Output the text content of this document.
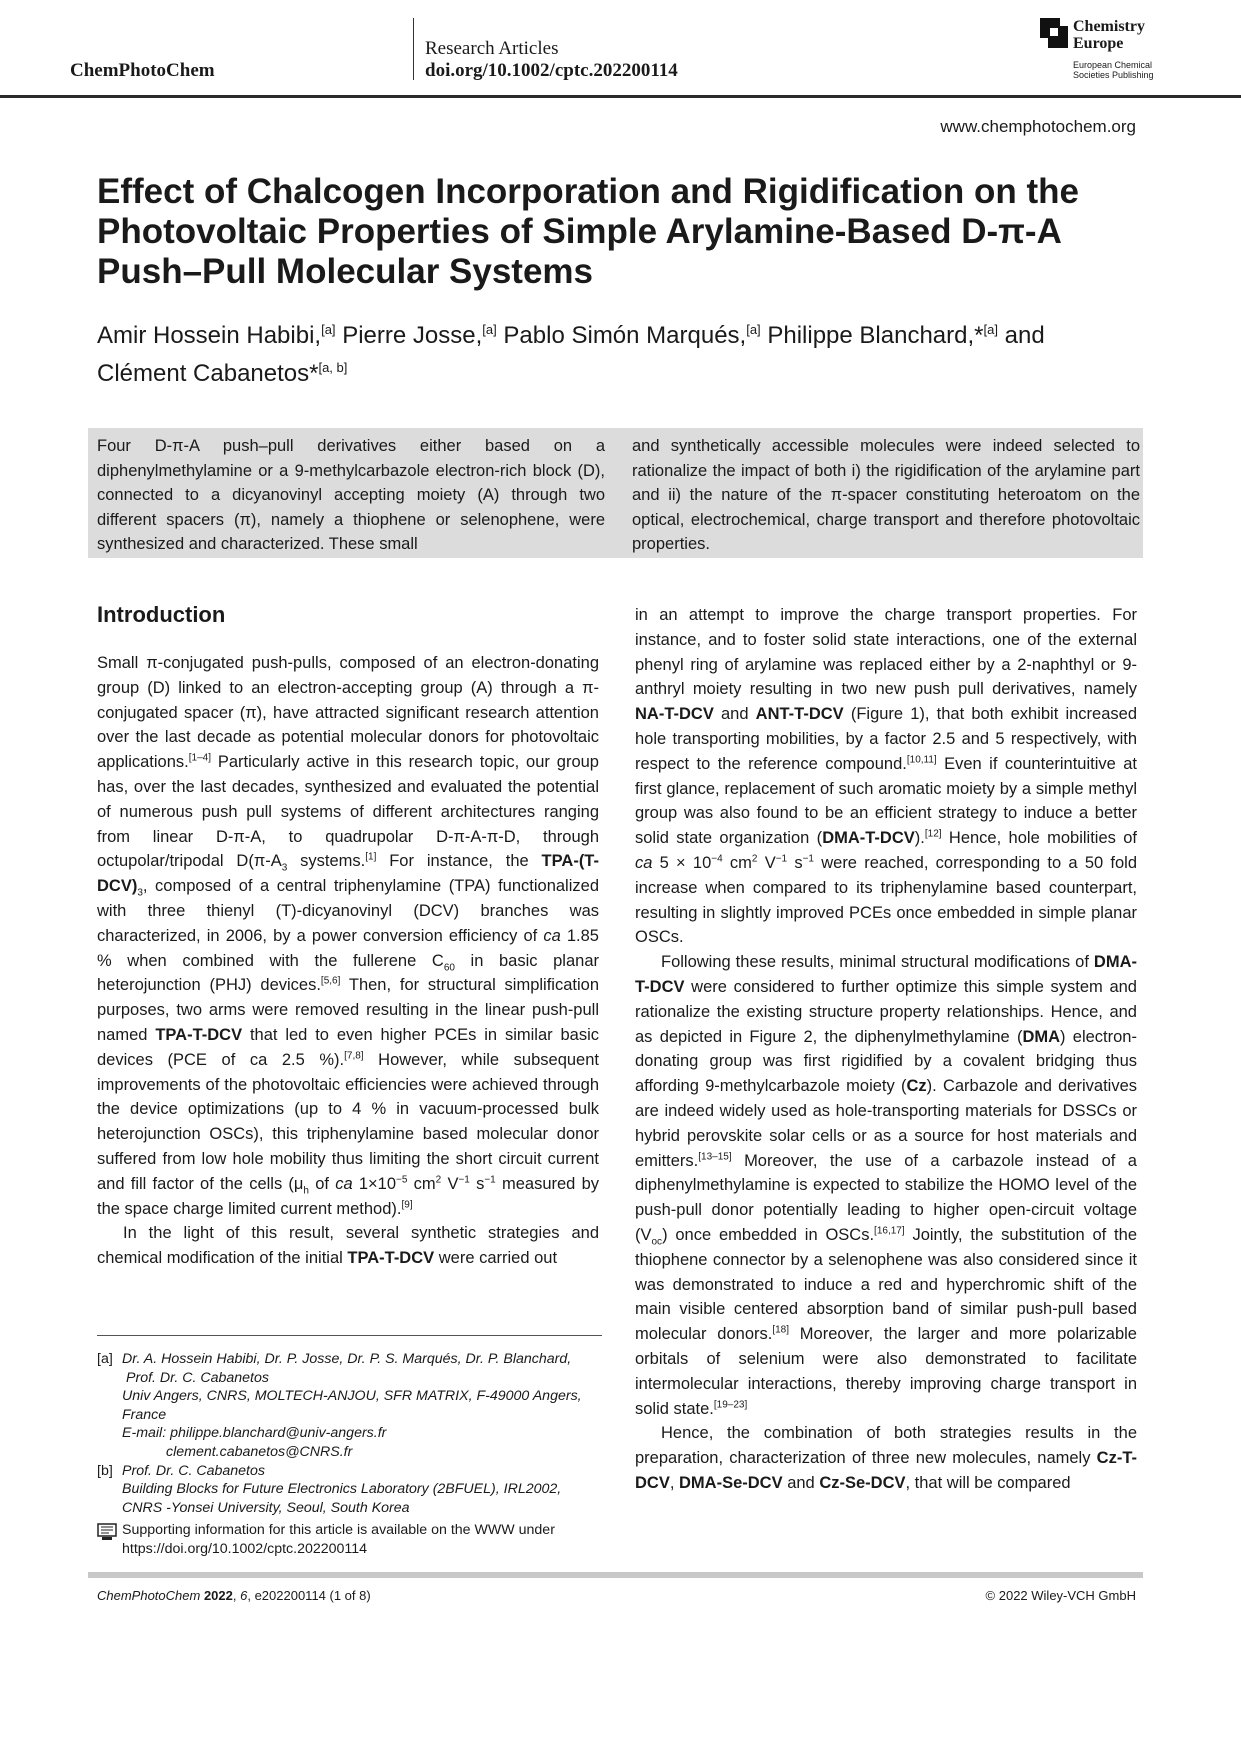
ChemPhotoChem
Research Articles
doi.org/10.1002/cptc.202200114
Chemistry
Europe
European Chemical
Societies Publishing
www.chemphotochem.org
Effect of Chalcogen Incorporation and Rigidification on the Photovoltaic Properties of Simple Arylamine-Based D-π-A Push–Pull Molecular Systems
Amir Hossein Habibi,[a] Pierre Josse,[a] Pablo Simón Marqués,[a] Philippe Blanchard,*[a] and
Clément Cabanetos*[a, b]
Four D-π-A push–pull derivatives either based on a diphenylmethylamine or a 9-methylcarbazole electron-rich block (D), connected to a dicyanovinyl accepting moiety (A) through two different spacers (π), namely a thiophene or selenophene, were synthesized and characterized. These small
and synthetically accessible molecules were indeed selected to rationalize the impact of both i) the rigidification of the arylamine part and ii) the nature of the π-spacer constituting heteroatom on the optical, electrochemical, charge transport and therefore photovoltaic properties.
Introduction

Small π-conjugated push-pulls, composed of an electron-donating group (D) linked to an electron-accepting group (A) through a π-conjugated spacer (π), have attracted significant research attention over the last decade as potential molecular donors for photovoltaic applications.[1–4] Particularly active in this research topic, our group has, over the last decades, synthesized and evaluated the potential of numerous push pull systems of different architectures ranging from linear D-π-A, to quadrupolar D-π-A-π-D, through octupolar/tripodal $D(\pi-A_3$ systems.[1] For instance, the TPA-$(T-DCV)_3$, composed of a central triphenylamine (TPA) functionalized with three thienyl (T)-dicyanovinyl (DCV) branches was characterized, in 2006, by a power conversion efficiency of ca 1.85 % when combined with the fullerene $C_{60}$ in basic planar heterojunction (PHJ) devices.[5,6] Then, for structural simplification purposes, two arms were removed resulting in the linear push-pull named TPA-T-DCV that led to even higher PCEs in similar basic devices (PCE of ca 2.5 %).[7,8] However, while subsequent improvements of the photovoltaic efficiencies were achieved through the device optimizations (up to 4 % in vacuum-processed bulk heterojunction OSCs), this triphenylamine based molecular donor suffered from low hole mobility thus limiting the short circuit current and fill factor of the cells ($\mu_h$ of ca $1\times 10^{-5}$ $cm^2$ $V^{-1}$ $s^{-1}$ measured by the space charge limited current method).[9]

In the light of this result, several synthetic strategies and chemical modification of the initial TPA-T-DCV were carried out

in an attempt to improve the charge transport properties. For instance, and to foster solid state interactions, one of the external phenyl ring of arylamine was replaced either by a 2-naphthyl or 9-anthryl moiety resulting in two new push pull derivatives, namely NA-T-DCV and ANT-T-DCV (Figure 1), that both exhibit increased hole transporting mobilities, by a factor 2.5 and 5 respectively, with respect to the reference compound.[10,11] Even if counterintuitive at first glance, replacement of such aromatic moiety by a simple methyl group was also found to be an efficient strategy to induce a better solid state organization (DMA-T-DCV).[12] Hence, hole mobilities of ca $5 \times 10^{-4}$ $cm^2$ $V^{-1}$ $s^{-1}$ were reached, corresponding to a 50 fold increase when compared to its triphenylamine based counterpart, resulting in slightly improved PCEs once embedded in simple planar OSCs.

Following these results, minimal structural modifications of DMA-T-DCV were considered to further optimize this simple system and rationalize the existing structure property relationships. Hence, and as depicted in Figure 2, the diphenylmethylamine (DMA) electron-donating group was first rigidified by a covalent bridging thus affording 9-methylcarbazole moiety (Cz). Carbazole and derivatives are indeed widely used as hole-transporting materials for DSSCs or hybrid perovskite solar cells or as a source for host materials and emitters.[13–15] Moreover, the use of a carbazole instead of a diphenylmethylamine is expected to stabilize the HOMO level of the push-pull donor potentially leading to higher open-circuit voltage $(V_{oc})$ once embedded in OSCs.[16,17] Jointly, the substitution of the thiophene connector by a selenophene was also considered since it was demonstrated to induce a red and hyperchromic shift of the main visible centered absorption band of similar push-pull based molecular donors.[18] Moreover, the larger and more polarizable orbitals of selenium were also demonstrated to facilitate intermolecular interactions, thereby improving charge transport in solid state.[19–23]

Hence, the combination of both strategies results in the preparation, characterization of three new molecules, namely Cz-T-DCV, DMA-Se-DCV and Cz-Se-DCV, that will be compared

[a] Dr. A. Hossein Habibi, Dr. P. Josse, Dr. P. S. Marqués, Dr. P. Blanchard,
Prof. Dr. C. Cabanetos
Univ Angers, CNRS, MOLTECH-ANJOU, SFR MATRIX, F-49000 Angers, France
E-mail: philippe.blanchard@univ-angers.fr
clement.cabanetos@CNRS.fr
[b] Prof. Dr. C. Cabanetos
Building Blocks for Future Electronics Laboratory (2BFUEL), IRL2002, CNRS -Yonsei University, Seoul, South Korea
Supporting information for this article is available on the WWW under https://doi.org/10.1002/cptc.202200114
ChemPhotoChem 2022, 6, e202200114 (1 of 8)	© 2022 Wiley-VCH GmbH
